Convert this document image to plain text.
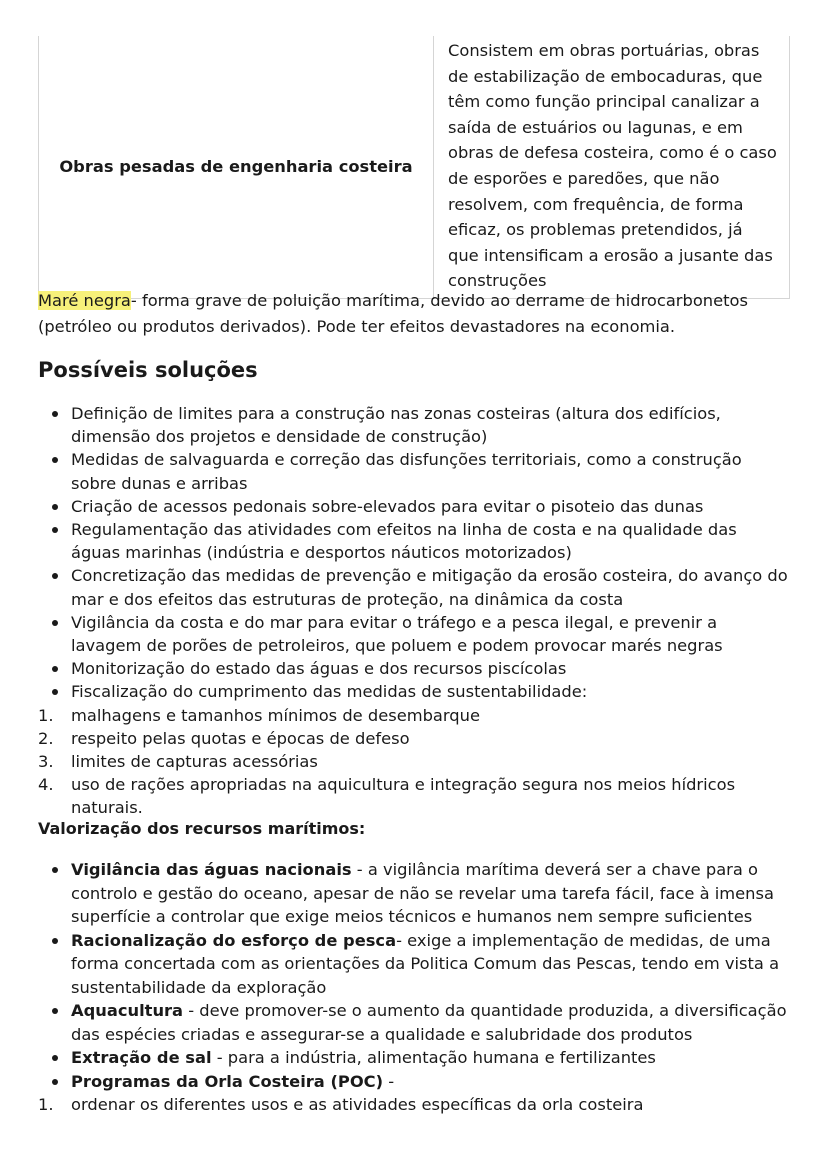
Obras pesadas de engenharia costeira	Consistem em obras portuárias, obras de estabilização de embocaduras, que têm como função principal canalizar a saída de estuários ou lagunas, e em obras de defesa costeira, como é o caso de esporões e paredões, que não resolvem, com frequência, de forma eficaz, os problemas pretendidos, já que intensificam a erosão a jusante das construções

Maré negra- forma grave de poluição marítima, devido ao derrame de hidrocarbonetos (petróleo ou produtos derivados). Pode ter efeitos devastadores na economia.

Possíveis soluções
Definição de limites para a construção nas zonas costeiras (altura dos edifícios, dimensão dos projetos e densidade de construção)
Medidas de salvaguarda e correção das disfunções territoriais, como a construção sobre dunas e arribas
Criação de acessos pedonais sobre-elevados para evitar o pisoteio das dunas
Regulamentação das atividades com efeitos na linha de costa e na qualidade das águas marinhas (indústria e desportos náuticos motorizados)
Concretização das medidas de prevenção e mitigação da erosão costeira, do avanço do mar e dos efeitos das estruturas de proteção, na dinâmica da costa
Vigilância da costa e do mar para evitar o tráfego e a pesca ilegal, e prevenir a lavagem de porões de petroleiros, que poluem e podem provocar marés negras
Monitorização do estado das águas e dos recursos piscícolas
Fiscalização do cumprimento das medidas de sustentabilidade:
1. malhagens e tamanhos mínimos de desembarque
2. respeito pelas quotas e épocas de defeso
3. limites de capturas acessórias
4. uso de rações apropriadas na aquicultura e integração segura nos meios hídricos naturais.

Valorização dos recursos marítimos:

Vigilância das águas nacionais - a vigilância marítima deverá ser a chave para o controlo e gestão do oceano, apesar de não se revelar uma tarefa fácil, face à imensa superfície a controlar que exige meios técnicos e humanos nem sempre suficientes
Racionalização do esforço de pesca- exige a implementação de medidas, de uma forma concertada com as orientações da Politica Comum das Pescas, tendo em vista a sustentabilidade da exploração
Aquacultura - deve promover-se o aumento da quantidade produzida, a diversificação das espécies criadas e assegurar-se a qualidade e salubridade dos produtos
Extração de sal - para a indústria, alimentação humana e fertilizantes
Programas da Orla Costeira (POC) -
1. ordenar os diferentes usos e as atividades específicas da orla costeira
